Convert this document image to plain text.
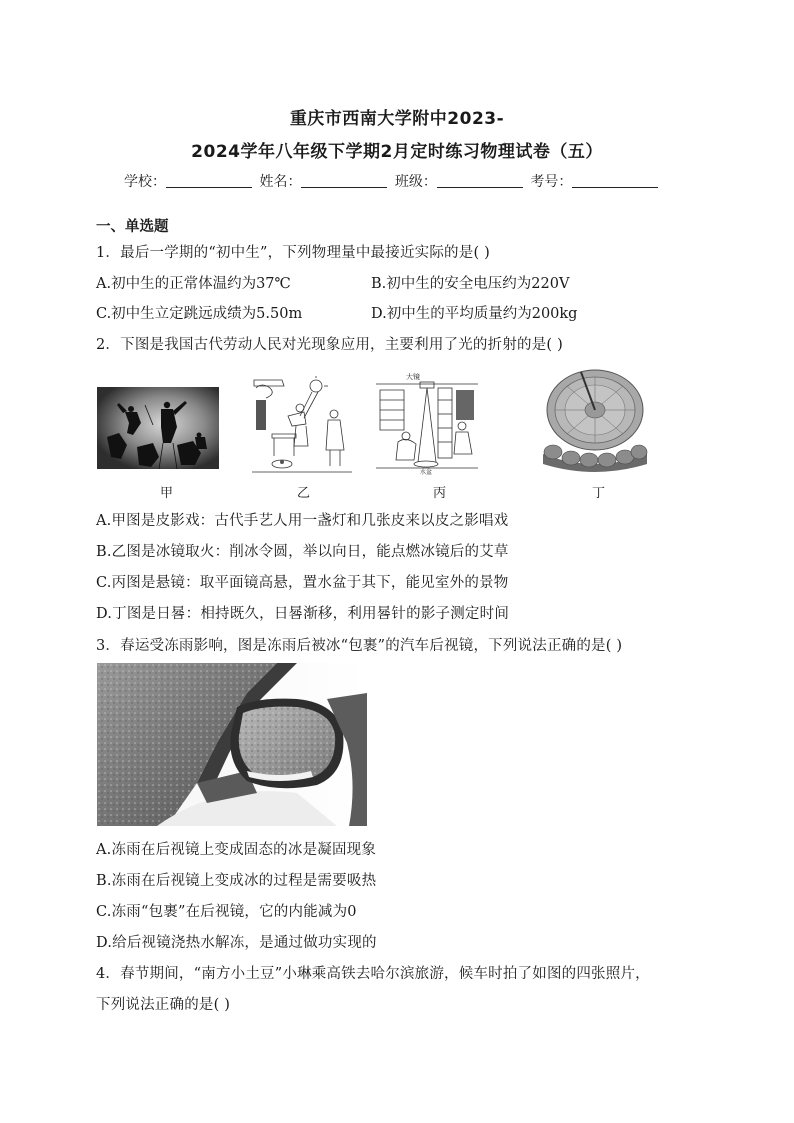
重庆市西南大学附中2023-
2024学年八年级下学期2月定时练习物理试卷（五）
学校：	姓名：	班级：	考号：
一、单选题
1．最后一学期的“初中生”，下列物理量中最接近实际的是( )
A.初中生的正常体温约为37℃	B.初中生的安全电压约为220V
C.初中生立定跳远成绩为5.50m	D.初中生的平均质量约为200kg
2．下图是我国古代劳动人民对光现象应用，主要利用了光的折射的是( )
大镜
水盆
甲	乙	丙	丁
A.甲图是皮影戏：古代手艺人用一盏灯和几张皮来以皮之影唱戏
B.乙图是冰镜取火：削冰令圆，举以向日，能点燃冰镜后的艾草
C.丙图是悬镜：取平面镜高悬，置水盆于其下，能见室外的景物
D.丁图是日晷：相持既久，日晷渐移，利用晷针的影子测定时间
3．春运受冻雨影响，图是冻雨后被冰“包裹”的汽车后视镜，下列说法正确的是( )
A.冻雨在后视镜上变成固态的冰是凝固现象
B.冻雨在后视镜上变成冰的过程是需要吸热
C.冻雨“包裹”在后视镜，它的内能减为0
D.给后视镜浇热水解冻，是通过做功实现的
4．春节期间，“南方小土豆”小琳乘高铁去哈尔滨旅游，候车时拍了如图的四张照片，
下列说法正确的是( )
